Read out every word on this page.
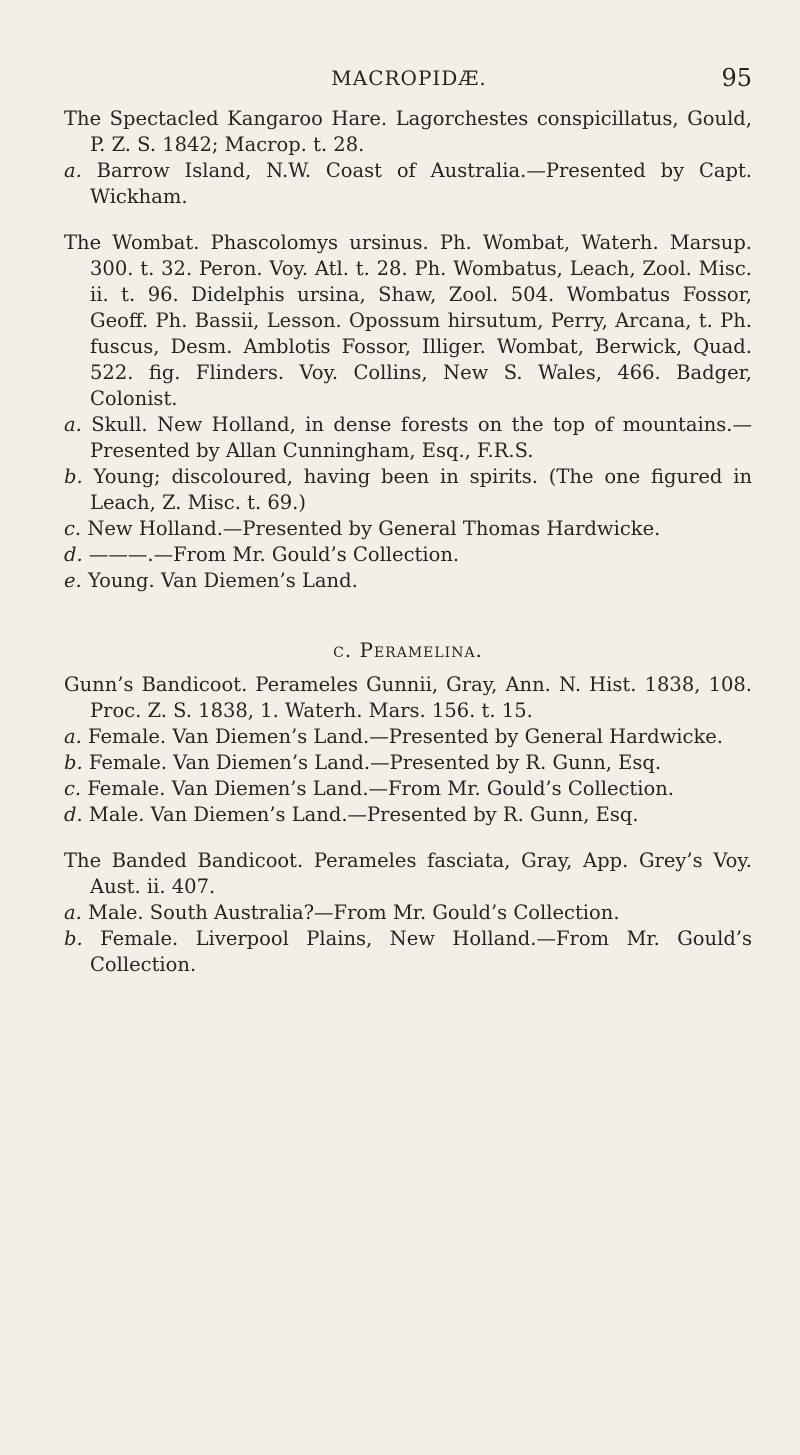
MACROPIDÆ.	95

The Spectacled Kangaroo Hare. Lagorchestes conspicillatus, Gould, P. Z. S. 1842; Macrop. t. 28.

a. Barrow Island, N.W. Coast of Australia.—Presented by Capt. Wickham.

The Wombat. Phascolomys ursinus. Ph. Wombat, Waterh. Marsup. 300. t. 32. Peron. Voy. Atl. t. 28. Ph. Wombatus, Leach, Zool. Misc. ii. t. 96. Didelphis ursina, Shaw, Zool. 504. Wombatus Fossor, Geoff. Ph. Bassii, Lesson. Opossum hirsutum, Perry, Arcana, t. Ph. fuscus, Desm. Amblotis Fossor, Illiger. Wombat, Berwick, Quad. 522. fig. Flinders. Voy. Collins, New S. Wales, 466. Badger, Colonist.

a. Skull. New Holland, in dense forests on the top of mountains.—Presented by Allan Cunningham, Esq., F.R.S.

b. Young; discoloured, having been in spirits. (The one figured in Leach, Z. Misc. t. 69.)

c. New Holland.—Presented by General Thomas Hardwicke.

d. ———.—From Mr. Gould’s Collection.

e. Young. Van Diemen’s Land.

c. Peramelina.

Gunn’s Bandicoot. Perameles Gunnii, Gray, Ann. N. Hist. 1838, 108. Proc. Z. S. 1838, 1. Waterh. Mars. 156. t. 15.

a. Female. Van Diemen’s Land.—Presented by General Hardwicke.

b. Female. Van Diemen’s Land.—Presented by R. Gunn, Esq.

c. Female. Van Diemen’s Land.—From Mr. Gould’s Collection.

d. Male. Van Diemen’s Land.—Presented by R. Gunn, Esq.

The Banded Bandicoot. Perameles fasciata, Gray, App. Grey’s Voy. Aust. ii. 407.

a. Male. South Australia?—From Mr. Gould’s Collection.

b. Female. Liverpool Plains, New Holland.—From Mr. Gould’s Collection.
